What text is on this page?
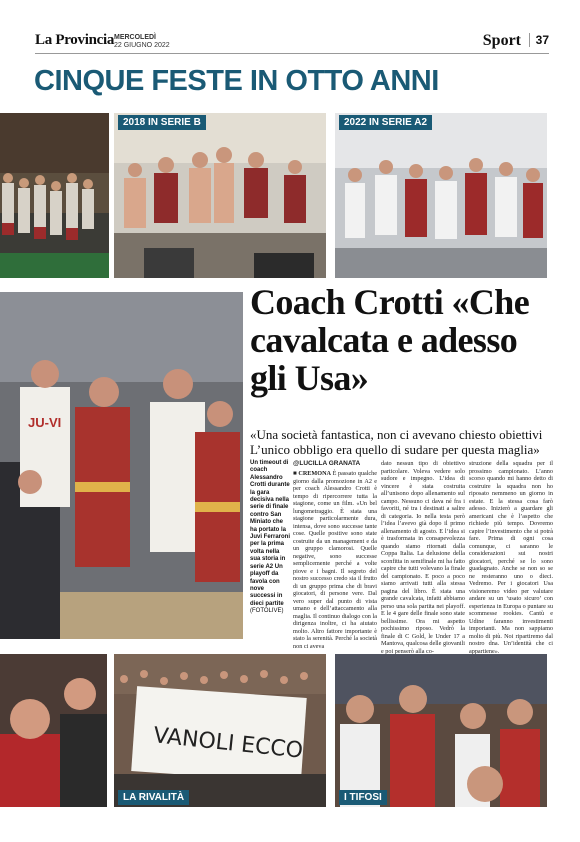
La Provincia MERCOLEDÌ
22 GIUGNO 2022	Sport	37
CINQUE FESTE IN OTTO ANNI
2018 IN SERIE B	2022 IN SERIE A2
JU-VI
Coach Crotti «Che cavalcata e adesso gli Usa»
«Una società fantastica, non ci avevano chiesto obiettivi L’unico obbligo era quello di sudare per questa maglia»
Un timeout di coach Alessandro Crotti durante la gara decisiva nella serie di finale contro San Miniato che ha portato la Juvi Ferraroni per la prima volta nella sua storia in serie A2 Un playoff da favola con nove successi in dieci partite (FOTOLIVE)
@LUCILLA GRANATA
■ CREMONA È passato qualche giorno dalla promozione in A2 e per coach Alessandro Crotti è tempo di ripercorrere tutta la stagione, come un film. «Un bel lungometraggio. È stata una stagione particolarmente dura, intensa, dove sono successe tante cose. Quelle positive sono state costruite da un management e da un gruppo clamorosi. Quelle negative, sono successe semplicemente perché a volte piove e i bagni. Il segreto del nostro successo credo sia il frutto di un gruppo prima che di bravi giocatori, di persone vere. Dal vero super dal punto di vista umano e dell’attaccamento alla maglia. Il continuo dialogo con la dirigenza inoltre, ci ha aiutato molto. Altro fattore importante è stato la serenità. Perché la società non ci aveva
dato nessun tipo di obiettivo particolare. Voleva vedere solo sudore e impegno. L’idea di vincere è stata costruita all’unisono dopo allenamento sul campo. Nessuno ci dava né fra i favoriti, né tra i destinati a salire di categoria. Io nella testa però l’idea l’avevo già dopo il primo allenamento di agosto. E l’idea si è trasformata in consapevolezza quando siamo ritornati dalla Coppa Italia. La delusione della sconfitta in semifinale mi ha fatto capire che tutti volevano la finale del campionato. E poco a poco siamo arrivati tutti alla stessa pagina del libro. È stata una grande cavalcata, infatti abbiamo perso una sola partita nei playoff. E le 4 gare delle finale sono state bellissime. Ora mi aspetto pochissimo riposo. Vedrò la finale di C Gold, le Under 17 a Mantova, qualcosa delle giovanili e poi penserò alla co-
struzione della squadra per il prossimo campionato. L’anno scorso quando mi hanno detto di costruire la squadra non ho riposato nemmeno un giorno in estate. E la stessa cosa farò adesso. Inizierò a guardare gli americani che è l’aspetto che richiede più tempo. Dovremo capire l’investimento che si potrà fare. Prima di ogni cosa comunque, ci saranno le considerazioni sui nostri giocatori, perché se lo sono guadagnato. Anche se non so se ne resteranno uno o dieci. Vedremo. Per i giocatori Usa visioneremo video per valutare andare su un ‘usato sicuro’ con esperienza in Europa o puntare su scommesse rookies. Cantù e Udine faranno investimenti importanti. Ma non sappiamo molto di più. Noi ripartiremo dal nostro dna. Un’identità che ci appartiene».
VANOLI ECCO
LA RIVALITÀ	I TIFOSI
